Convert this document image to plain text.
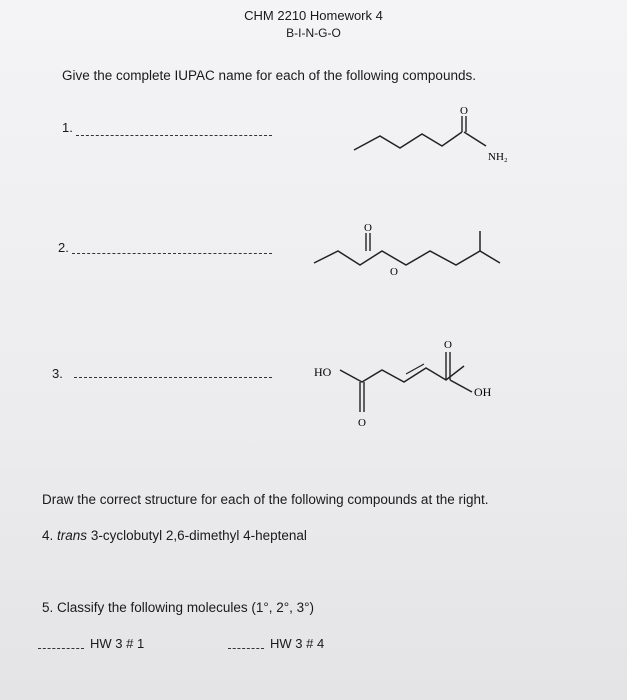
CHM 2210 Homework 4
B-I-N-G-O
Give the complete IUPAC name for each of the following compounds.
1.
O
NH₂
2.
O
O
3.	HO
O
O
OH
Draw the correct structure for each of the following compounds at the right.
4. trans 3-cyclobutyl 2,6-dimethyl 4-heptenal
5. Classify the following molecules (1°, 2°, 3°)
HW 3 # 1	HW 3 # 4
